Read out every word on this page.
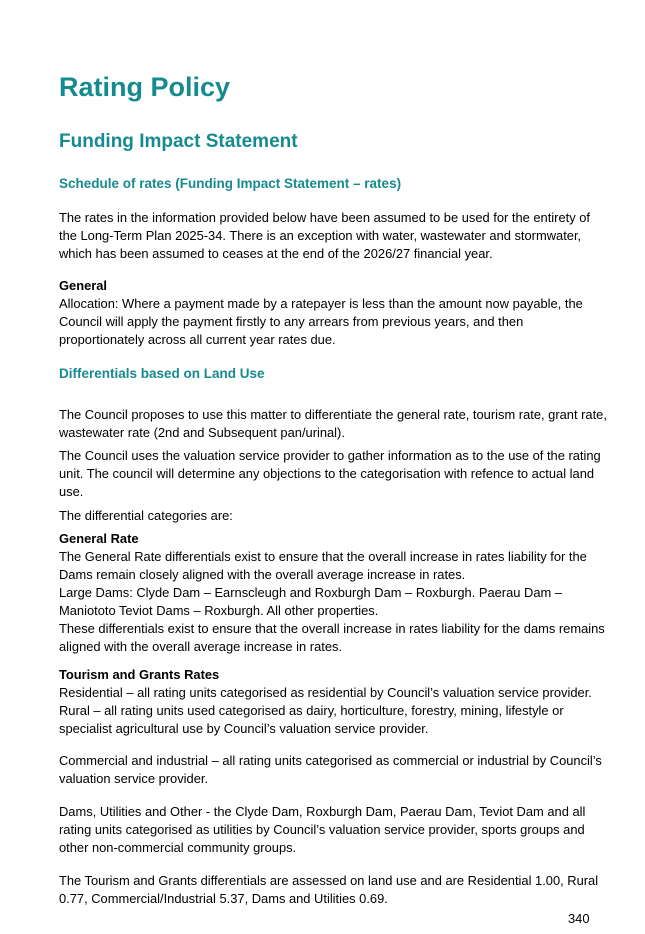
Rating Policy
Funding Impact Statement
Schedule of rates (Funding Impact Statement – rates)

The rates in the information provided below have been assumed to be used for the entirety of the Long-Term Plan 2025-34. There is an exception with water, wastewater and stormwater, which has been assumed to ceases at the end of the 2026/27 financial year.

General
Allocation: Where a payment made by a ratepayer is less than the amount now payable, the Council will apply the payment firstly to any arrears from previous years, and then proportionately across all current year rates due.
Differentials based on Land Use

The Council proposes to use this matter to differentiate the general rate, tourism rate, grant rate, wastewater rate (2nd and Subsequent pan/urinal).

The Council uses the valuation service provider to gather information as to the use of the rating unit. The council will determine any objections to the categorisation with refence to actual land use.

The differential categories are:

General Rate
The General Rate differentials exist to ensure that the overall increase in rates liability for the Dams remain closely aligned with the overall average increase in rates.
Large Dams: Clyde Dam – Earnscleugh and Roxburgh Dam – Roxburgh. Paerau Dam – Maniototo Teviot Dams – Roxburgh. All other properties.
These differentials exist to ensure that the overall increase in rates liability for the dams remains aligned with the overall average increase in rates.
Tourism and Grants Rates
Residential – all rating units categorised as residential by Council’s valuation service provider.
Rural – all rating units used categorised as dairy, horticulture, forestry, mining, lifestyle or specialist agricultural use by Council’s valuation service provider.

Commercial and industrial – all rating units categorised as commercial or industrial by Council’s valuation service provider.

Dams, Utilities and Other - the Clyde Dam, Roxburgh Dam, Paerau Dam, Teviot Dam and all rating units categorised as utilities by Council’s valuation service provider, sports groups and other non-commercial community groups.

The Tourism and Grants differentials are assessed on land use and are Residential 1.00, Rural 0.77, Commercial/Industrial 5.37, Dams and Utilities 0.69.

340
